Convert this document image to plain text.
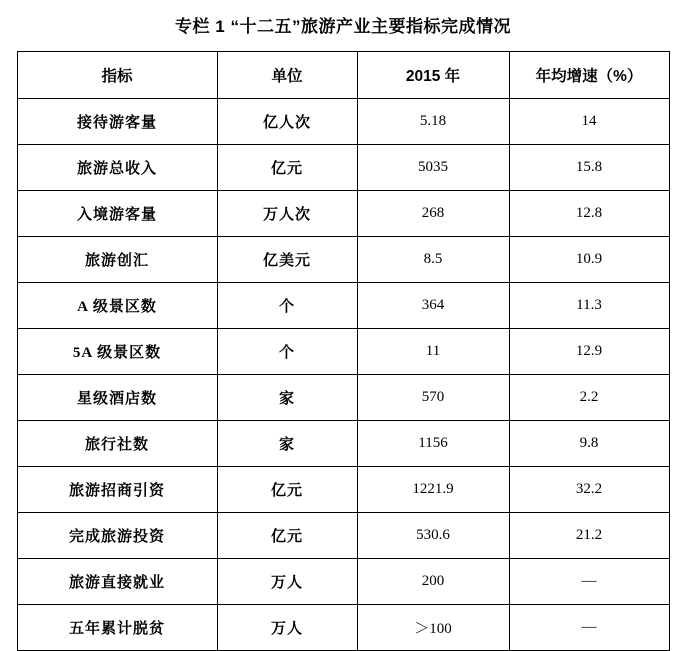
专栏 1 “十二五”旅游产业主要指标完成情况
指标	单位	2015 年	年均增速（%）
接待游客量	亿人次	5.18	14
旅游总收入	亿元	5035	15.8
入境游客量	万人次	268	12.8
旅游创汇	亿美元	8.5	10.9
A 级景区数	个	364	11.3
5A 级景区数	个	11	12.9
星级酒店数	家	570	2.2
旅行社数	家	1156	9.8
旅游招商引资	亿元	1221.9	32.2
完成旅游投资	亿元	530.6	21.2
旅游直接就业	万人	200	—
五年累计脱贫	万人	＞100	—
